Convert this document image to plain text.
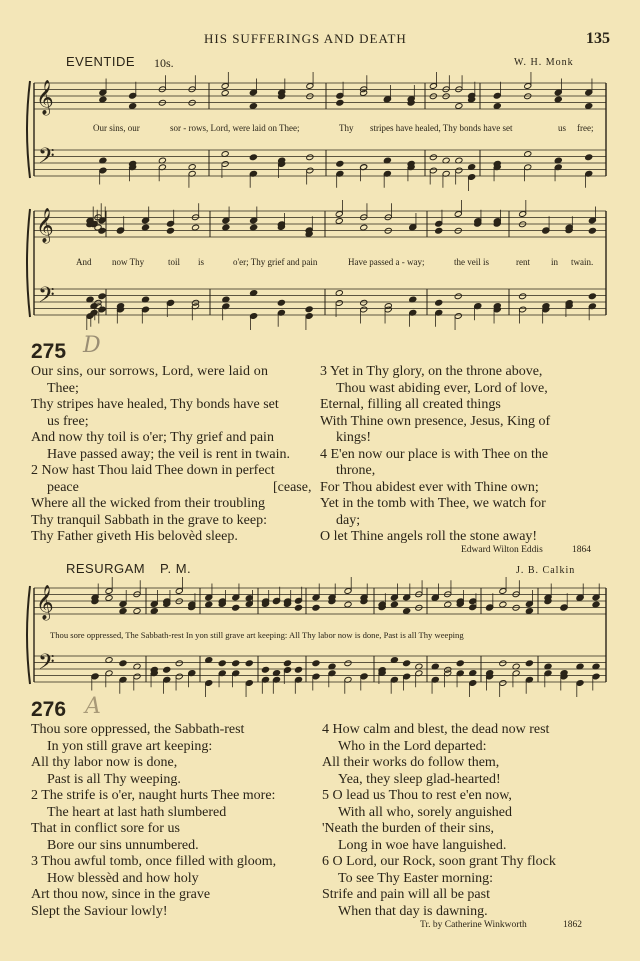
HIS SUFFERINGS AND DEATH	135
EVENTIDE 10s.	W. H. Monk
𝄞
𝄢
𝄞
𝄢
𝄞
𝄢
Our sins, our	sor - rows, Lord, were laid on Thee;	Thy stripes have healed, Thy bonds have set	us free;
And now Thy	toil is	o'er; Thy grief and pain	Have passed a - way;	the veil is	rent in twain.
275 D
Our sins, our sorrows, Lord, were laid on
Thee;
Thy stripes have healed, Thy bonds have set
us free;
And now thy toil is o'er; Thy grief and pain
Have passed away; the veil is rent in twain.
2 Now hast Thou laid Thee down in perfect
peace	[cease,
Where all the wicked from their troubling
Thy tranquil Sabbath in the grave to keep:
Thy Father giveth His belovèd sleep.
3 Yet in Thy glory, on the throne above,
Thou wast abiding ever, Lord of love,
Eternal, filling all created things
With Thine own presence, Jesus, King of
kings!
4 E'en now our place is with Thee on the
throne,
For Thou abidest ever with Thine own;
Yet in the tomb with Thee, we watch for
day;
O let Thine angels roll the stone away!
Edward Wilton Eddis	1864
RESURGAM P. M.	J. B. Calkin
Thou sore oppressed, The Sabbath-rest In yon still grave art keeping: All Thy labor now is done, Past is all Thy weeping
276 A
Thou sore oppressed, the Sabbath-rest
In yon still grave art keeping:
All thy labor now is done,
Past is all Thy weeping.
2 The strife is o'er, naught hurts Thee more:
The heart at last hath slumbered
That in conflict sore for us
Bore our sins unnumbered.
3 Thou awful tomb, once filled with gloom,
How blessèd and how holy
Art thou now, since in the grave
Slept the Saviour lowly!
4 How calm and blest, the dead now rest
Who in the Lord departed:
All their works do follow them,
Yea, they sleep glad-hearted!
5 O lead us Thou to rest e'en now,
With all who, sorely anguished
'Neath the burden of their sins,
Long in woe have languished.
6 O Lord, our Rock, soon grant Thy flock
To see Thy Easter morning:
Strife and pain will all be past
When that day is dawning.
Tr. by Catherine Winkworth	1862
